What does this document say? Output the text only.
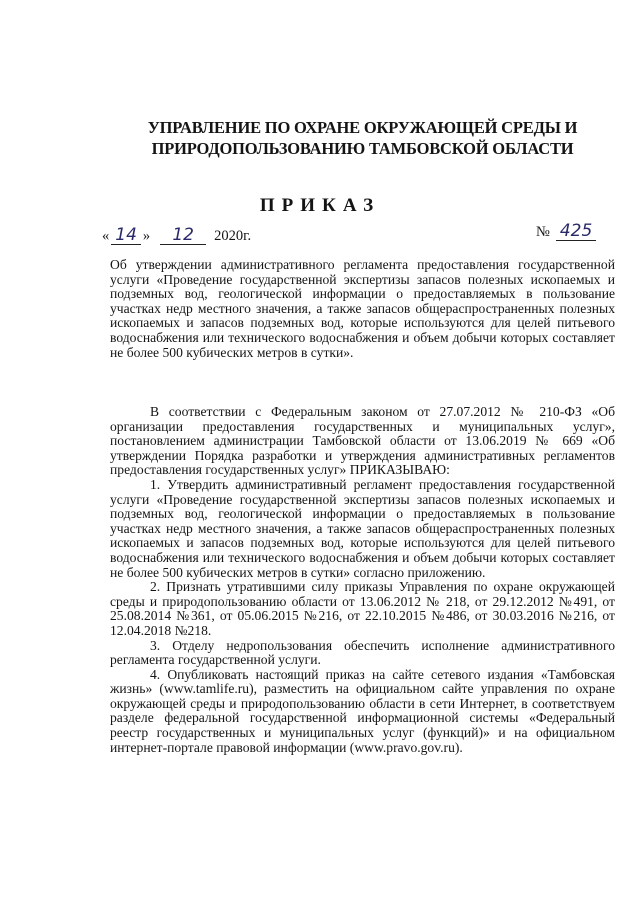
УПРАВЛЕНИЕ ПО ОХРАНЕ ОКРУЖАЮЩЕЙ СРЕДЫ И
ПРИРОДОПОЛЬЗОВАНИЮ ТАМБОВСКОЙ ОБЛАСТИ
ПРИКАЗ
« 14 »	12	2020г.	№ 425

Об утверждении административного регламента предоставления государственной услуги «Проведение государственной экспертизы запасов полезных ископаемых и подземных вод, геологической информации о предоставляемых в пользование участках недр местного значения, а также запасов общераспространенных полезных ископаемых и запасов подземных вод, которые используются для целей питьевого водоснабжения или технического водоснабжения и объем добычи которых составляет не более 500 кубических метров в сутки».

В соответствии с Федеральным законом от 27.07.2012 № 210-ФЗ «Об организации предоставления государственных и муниципальных услуг», постановлением администрации Тамбовской области от 13.06.2019 № 669 «Об утверждении Порядка разработки и утверждения административных регламентов предоставления государственных услуг» ПРИКАЗЫВАЮ:

1. Утвердить административный регламент предоставления государственной услуги «Проведение государственной экспертизы запасов полезных ископаемых и подземных вод, геологической информации о предоставляемых в пользование участках недр местного значения, а также запасов общераспространенных полезных ископаемых и запасов подземных вод, которые используются для целей питьевого водоснабжения или технического водоснабжения и объем добычи которых составляет не более 500 кубических метров в сутки» согласно приложению.

2. Признать утратившими силу приказы Управления по охране окружающей среды и природопользованию области от 13.06.2012 № 218, от 29.12.2012 №491, от 25.08.2014 №361, от 05.06.2015 №216, от 22.10.2015 №486, от 30.03.2016 №216, от 12.04.2018 №218.

3. Отделу недропользования обеспечить исполнение административного регламента государственной услуги.

4. Опубликовать настоящий приказ на сайте сетевого издания «Тамбовская жизнь» (www.tamlife.ru), разместить на официальном сайте управления по охране окружающей среды и природопользованию области в сети Интернет, в соответствуем разделе федеральной государственной информационной системы «Федеральный реестр государственных и муниципальных услуг (функций)» и на официальном интернет-портале правовой информации (www.pravo.gov.ru).
